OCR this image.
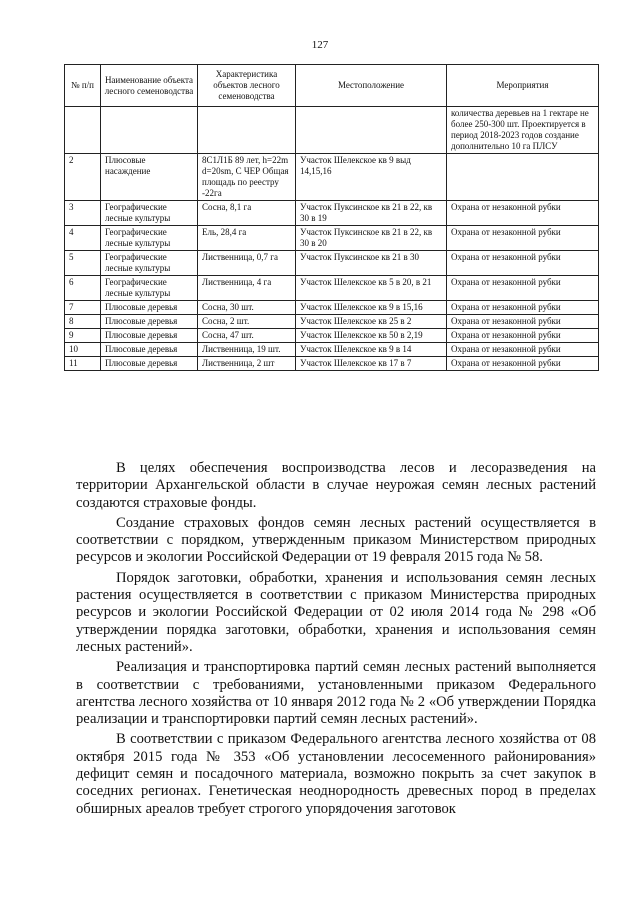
127
№ п/п	Наименование объекта лесного семеноводства	Характеристика объектов лесного семеноводства	Местоположение	Мероприятия
				количества деревьев на 1 гектаре не более 250-300 шт. Проектируется в период 2018-2023 годов создание дополнительно 10 га ПЛСУ
2	Плюсовые насаждение	8С1Л1Б 89 лет, h=22m d=20sm, C ЧЕР Общая площадь по реестру -22га	Участок Шелекское кв 9 выд 14,15,16	
3	Географические лесные культуры	Сосна, 8,1 га	Участок Пуксинское кв 21 в 22, кв 30 в 19	Охрана от незаконной рубки
4	Географические лесные культуры	Ель, 28,4 га	Участок Пуксинское кв 21 в 22, кв 30 в 20	Охрана от незаконной рубки
5	Географические лесные культуры	Лиственница, 0,7 га	Участок Пуксинское кв 21 в 30	Охрана от незаконной рубки
6	Географические лесные культуры	Лиственница, 4 га	Участок Шелекское кв 5 в 20, в 21	Охрана от незаконной рубки
7	Плюсовые деревья	Сосна, 30 шт.	Участок Шелекское кв 9 в 15,16	Охрана от незаконной рубки
8	Плюсовые деревья	Сосна, 2 шт.	Участок Шелекское кв 25 в 2	Охрана от незаконной рубки
9	Плюсовые деревья	Сосна, 47 шт.	Участок Шелекское кв 50 в 2,19	Охрана от незаконной рубки
10	Плюсовые деревья	Лиственница, 19 шт.	Участок Шелекское кв 9 в 14	Охрана от незаконной рубки
11	Плюсовые деревья	Лиственница, 2 шт	Участок Шелекское кв 17 в 7	Охрана от незаконной рубки

В целях обеспечения воспроизводства лесов и лесоразведения на территории Архангельской области в случае неурожая семян лесных растений создаются страховые фонды.

Создание страховых фондов семян лесных растений осуществляется в соответствии с порядком, утвержденным приказом Министерством природных ресурсов и экологии Российской Федерации от 19 февраля 2015 года № 58.

Порядок заготовки, обработки, хранения и использования семян лесных растения осуществляется в соответствии с приказом Министерства природных ресурсов и экологии Российской Федерации от 02 июля 2014 года № 298 «Об утверждении порядка заготовки, обработки, хранения и использования семян лесных растений».

Реализация и транспортировка партий семян лесных растений выполняется в соответствии с требованиями, установленными приказом Федерального агентства лесного хозяйства от 10 января 2012 года № 2 «Об утверждении Порядка реализации и транспортировки партий семян лесных растений».

В соответствии с приказом Федерального агентства лесного хозяйства от 08 октября 2015 года № 353 «Об установлении лесосеменного районирования» дефицит семян и посадочного материала, возможно покрыть за счет закупок в соседних регионах. Генетическая неоднородность древесных пород в пределах обширных ареалов требует строгого упорядочения заготовок
